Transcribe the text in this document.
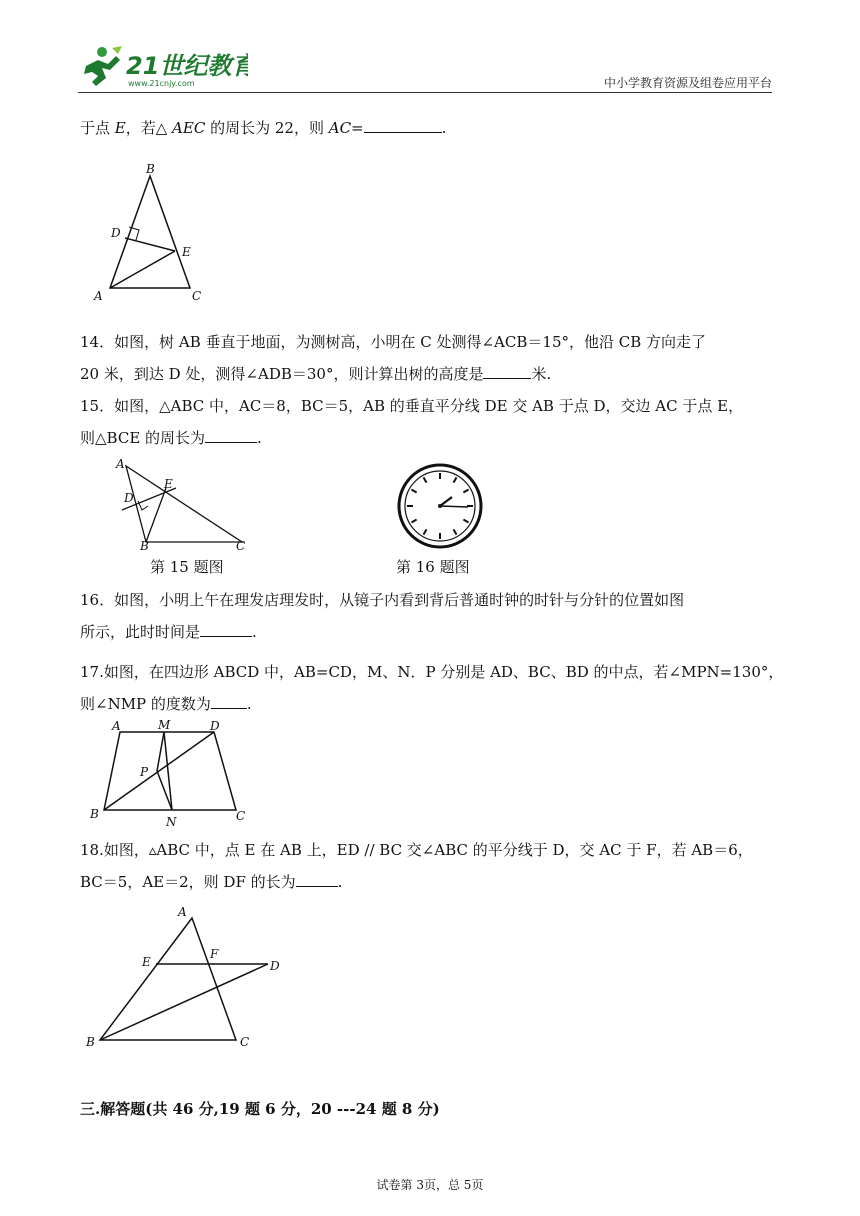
21世纪教育
www.21cnjy.com	中小学教育资源及组卷应用平台
于点 E，若△ AEC 的周长为 22，则 AC=	.
B
D
E
A	C
14．如图，树 AB 垂直于地面，为测树高，小明在 C 处测得∠ACB＝15°，他沿 CB 方向走了
20 米，到达 D 处，测得∠ADB＝30°，则计算出树的高度是	米.
15．如图，△ABC 中，AC＝8，BC＝5，AB 的垂直平分线 DE 交 AB 于点 D，交边 AC 于点 E，
则△BCE 的周长为	.
A
E
D
B	C
第 15 题图	第 16 题图
16．如图，小明上午在理发店理发时，从镜子内看到背后普通时钟的时针与分针的位置如图
所示，此时时间是	.
17.如图，在四边形 ABCD 中，AB=CD，M、N．P 分别是 AD、BC、BD 的中点，若∠MPN=130°，
则∠NMP 的度数为 .
A	M	D
P
B
N	C
18.如图，▵ABC 中，点 E 在 AB 上，ED // BC 交∠ABC 的平分线于 D，交 AC 于 F，若 AB＝6，
BC＝5，AE＝2，则 DF 的长为	.
A
E
F
D
B	C
三.解答题(共 46 分,19 题 6 分，20 ---24 题 8 分)
试卷第 3页，总 5页
